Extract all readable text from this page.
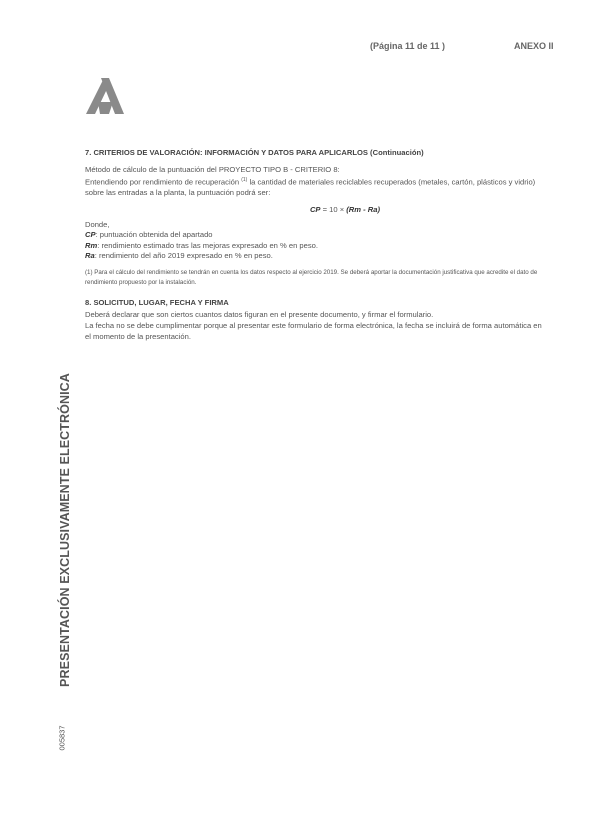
(Página 11 de 11 )	ANEXO II

7. CRITERIOS DE VALORACIÓN: INFORMACIÓN Y DATOS PARA APLICARLOS (Continuación)

Método de cálculo de la puntuación del PROYECTO TIPO B - CRITERIO 8:

Entendiendo por rendimiento de recuperación $^{(1)}$ la cantidad de materiales reciclables recuperados (metales, cartón, plásticos y vidrio) sobre las entradas a la planta, la puntuación podrá ser:

CP = 10 × (Rm - Ra)

Donde,

CP: puntuación obtenida del apartado

Rm: rendimiento estimado tras las mejoras expresado en % en peso.

Ra: rendimiento del año 2019 expresado en % en peso.

(1) Para el cálculo del rendimiento se tendrán en cuenta los datos respecto al ejercicio 2019. Se deberá aportar la documentación justificativa que acredite el dato de rendimiento propuesto por la instalación.

8. SOLICITUD, LUGAR, FECHA Y FIRMA

Deberá declarar que son ciertos cuantos datos figuran en el presente documento, y firmar el formulario.

La fecha no se debe cumplimentar porque al presentar este formulario de forma electrónica, la fecha se incluirá de forma automática en el momento de la presentación.

PRESENTACIÓN EXCLUSIVAMENTE ELECTRÓNICA
005837
